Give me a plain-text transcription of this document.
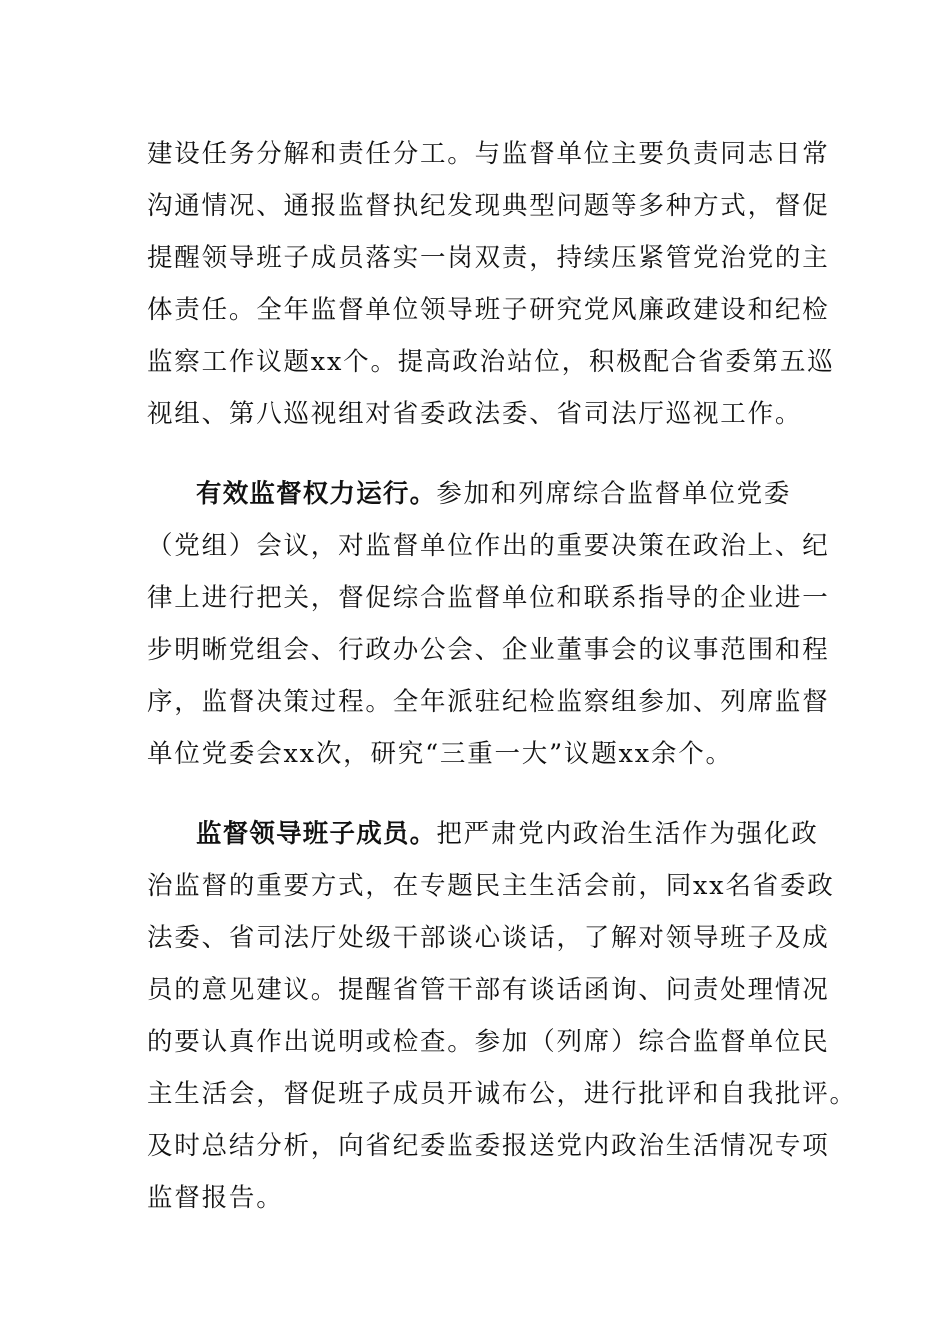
建设任务分解和责任分工。与监督单位主要负责同志日常
沟通情况、通报监督执纪发现典型问题等多种方式，督促
提醒领导班子成员落实一岗双责，持续压紧管党治党的主
体责任。全年监督单位领导班子研究党风廉政建设和纪检
监察工作议题xx个。提高政治站位，积极配合省委第五巡
视组、第八巡视组对省委政法委、省司法厅巡视工作。

有效监督权力运行。参加和列席综合监督单位党委
（党组）会议，对监督单位作出的重要决策在政治上、纪
律上进行把关，督促综合监督单位和联系指导的企业进一
步明晰党组会、行政办公会、企业董事会的议事范围和程
序，监督决策过程。全年派驻纪检监察组参加、列席监督
单位党委会xx次，研究“三重一大”议题xx余个。

监督领导班子成员。把严肃党内政治生活作为强化政
治监督的重要方式，在专题民主生活会前，同xx名省委政
法委、省司法厅处级干部谈心谈话，了解对领导班子及成
员的意见建议。提醒省管干部有谈话函询、问责处理情况
的要认真作出说明或检查。参加（列席）综合监督单位民
主生活会，督促班子成员开诚布公，进行批评和自我批评。
及时总结分析，向省纪委监委报送党内政治生活情况专项
监督报告。
